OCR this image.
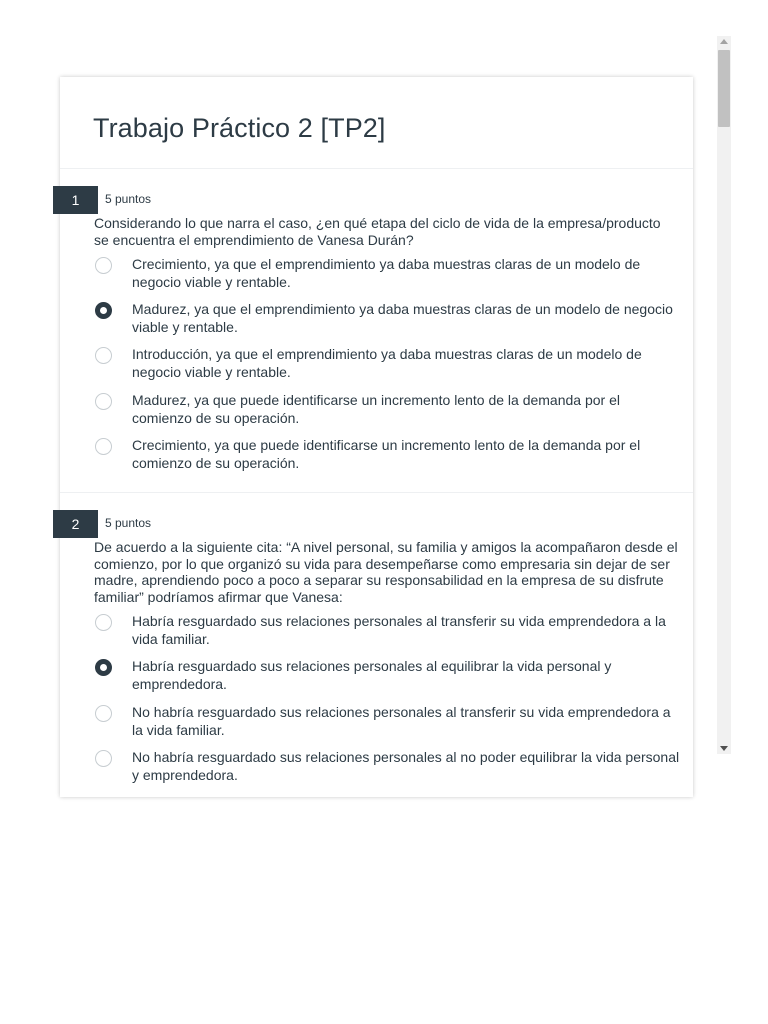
Trabajo Práctico 2 [TP2]
1	5 puntos

Considerando lo que narra el caso, ¿en qué etapa del ciclo de vida de la empresa/producto se encuentra el emprendimiento de Vanesa Durán?

Crecimiento, ya que el emprendimiento ya daba muestras claras de un modelo de negocio viable y rentable.
Madurez, ya que el emprendimiento ya daba muestras claras de un modelo de negocio viable y rentable.
Introducción, ya que el emprendimiento ya daba muestras claras de un modelo de negocio viable y rentable.
Madurez, ya que puede identificarse un incremento lento de la demanda por el comienzo de su operación.
Crecimiento, ya que puede identificarse un incremento lento de la demanda por el comienzo de su operación.
2	5 puntos

De acuerdo a la siguiente cita: “A nivel personal, su familia y amigos la acompañaron desde el comienzo, por lo que organizó su vida para desempeñarse como empresaria sin dejar de ser madre, aprendiendo poco a poco a separar su responsabilidad en la empresa de su disfrute familiar” podríamos afirmar que Vanesa:

Habría resguardado sus relaciones personales al transferir su vida emprendedora a la vida familiar.
Habría resguardado sus relaciones personales al equilibrar la vida personal y emprendedora.
No habría resguardado sus relaciones personales al transferir su vida emprendedora a la vida familiar.
No habría resguardado sus relaciones personales al no poder equilibrar la vida personal y emprendedora.
